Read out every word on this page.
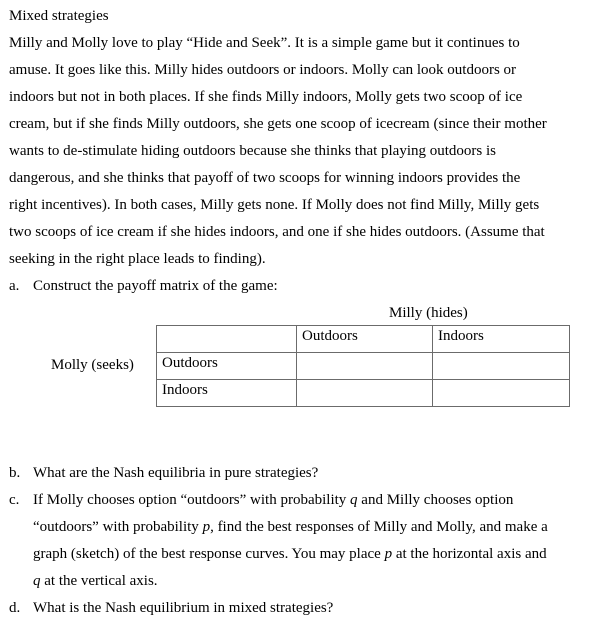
Mixed strategies
Milly and Molly love to play “Hide and Seek”. It is a simple game but it continues to
amuse. It goes like this. Milly hides outdoors or indoors. Molly can look outdoors or
indoors but not in both places. If she finds Milly indoors, Molly gets two scoop of ice
cream, but if she finds Milly outdoors, she gets one scoop of icecream (since their mother
wants to de-stimulate hiding outdoors because she thinks that playing outdoors is
dangerous, and she thinks that payoff of two scoops for winning indoors provides the
right incentives). In both cases, Milly gets none. If Molly does not find Milly, Milly gets
two scoops of ice cream if she hides indoors, and one if she hides outdoors. (Assume that
seeking in the right place leads to finding).
a. Construct the payoff matrix of the game:
Milly (hides)
Molly (seeks)
	Outdoors	Indoors
Outdoors		
Indoors		
b. What are the Nash equilibria in pure strategies?
c. If Molly chooses option “outdoors” with probability q and Milly chooses option
“outdoors” with probability p, find the best responses of Milly and Molly, and make a
graph (sketch) of the best response curves. You may place p at the horizontal axis and
q at the vertical axis.
d. What is the Nash equilibrium in mixed strategies?
